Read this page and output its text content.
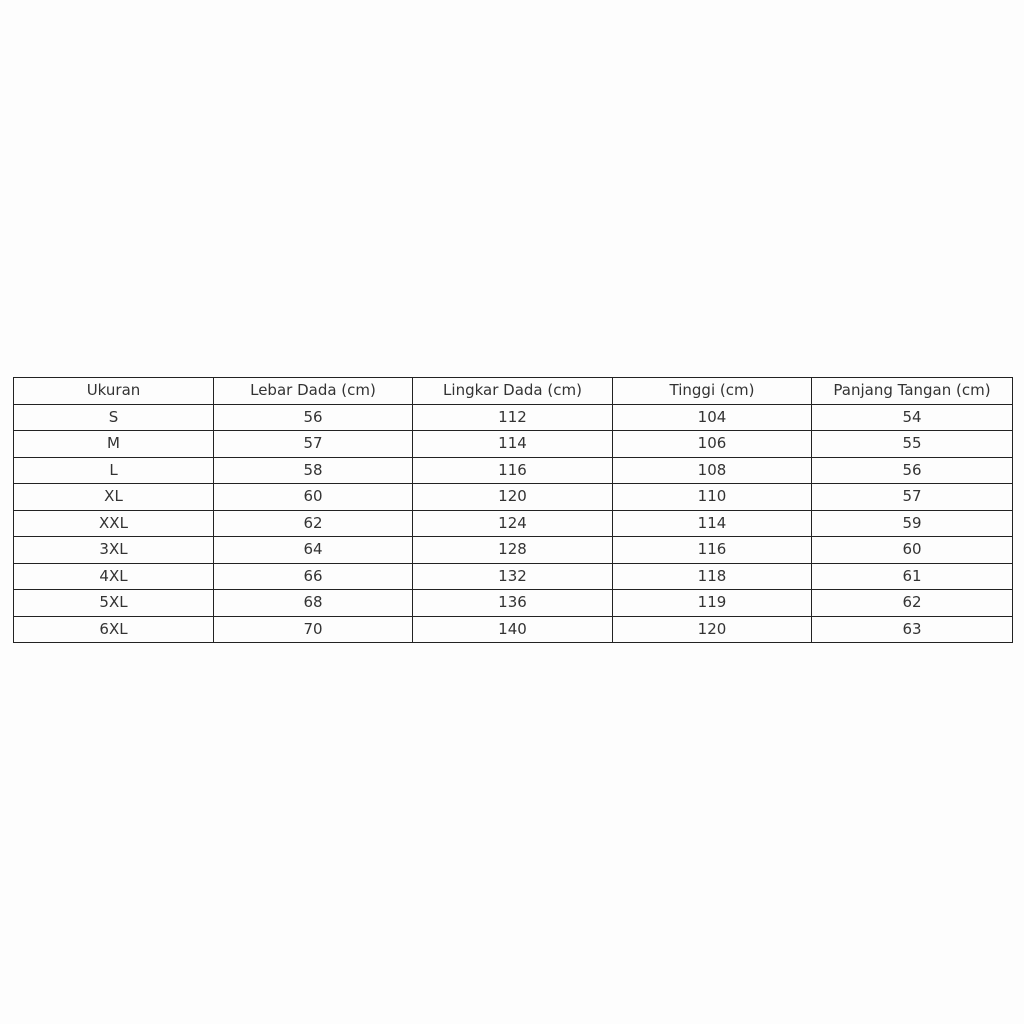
Ukuran	Lebar Dada (cm)	Lingkar Dada (cm)	Tinggi (cm)	Panjang Tangan (cm)
S	56	112	104	54
M	57	114	106	55
L	58	116	108	56
XL	60	120	110	57
XXL	62	124	114	59
3XL	64	128	116	60
4XL	66	132	118	61
5XL	68	136	119	62
6XL	70	140	120	63
